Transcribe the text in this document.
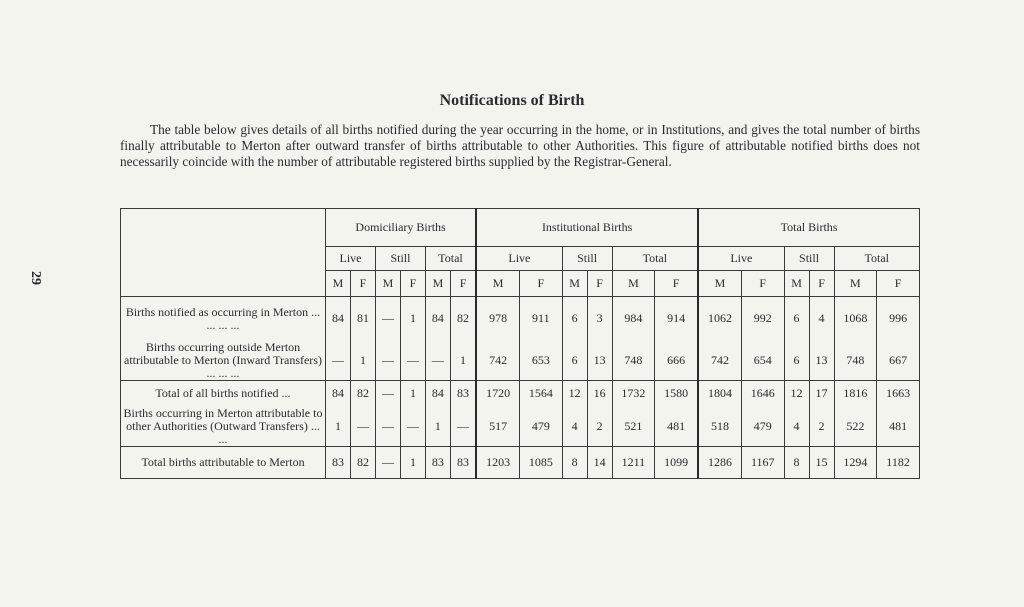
29
Notifications of Birth
The table below gives details of all births notified during the year occurring in the home, or in Institutions, and gives the total number of births finally attributable to Merton after outward transfer of births attributable to other Authorities. This figure of attributable notified births does not necessarily coincide with the number of attributable registered births supplied by the Registrar-General.
	Domiciliary Births						Institutional Births						Total Births					
	Live		Still		Total		Live		Still		Total		Live		Still		Total	
	M	F	M	F	M	F	M	F	M	F	M	F	M	F	M	F	M	F
Births notified as occurring in Merton ... ... ... ...	84	81	—	1	84	82	978	911	6	3	984	914	1062	992	6	4	1068	996
Births occurring outside Merton attributable to Merton (Inward Transfers) ... ... ...	—	1	—	—	—	1	742	653	6	13	748	666	742	654	6	13	748	667
Total of all births notified ...	84	82	—	1	84	83	1720	1564	12	16	1732	1580	1804	1646	12	17	1816	1663
Births occurring in Merton attributable to other Authorities (Outward Transfers) ... ...	1	—	—	—	1	—	517	479	4	2	521	481	518	479	4	2	522	481
Total births attributable to Merton	83	82	—	1	83	83	1203	1085	8	14	1211	1099	1286	1167	8	15	1294	1182
